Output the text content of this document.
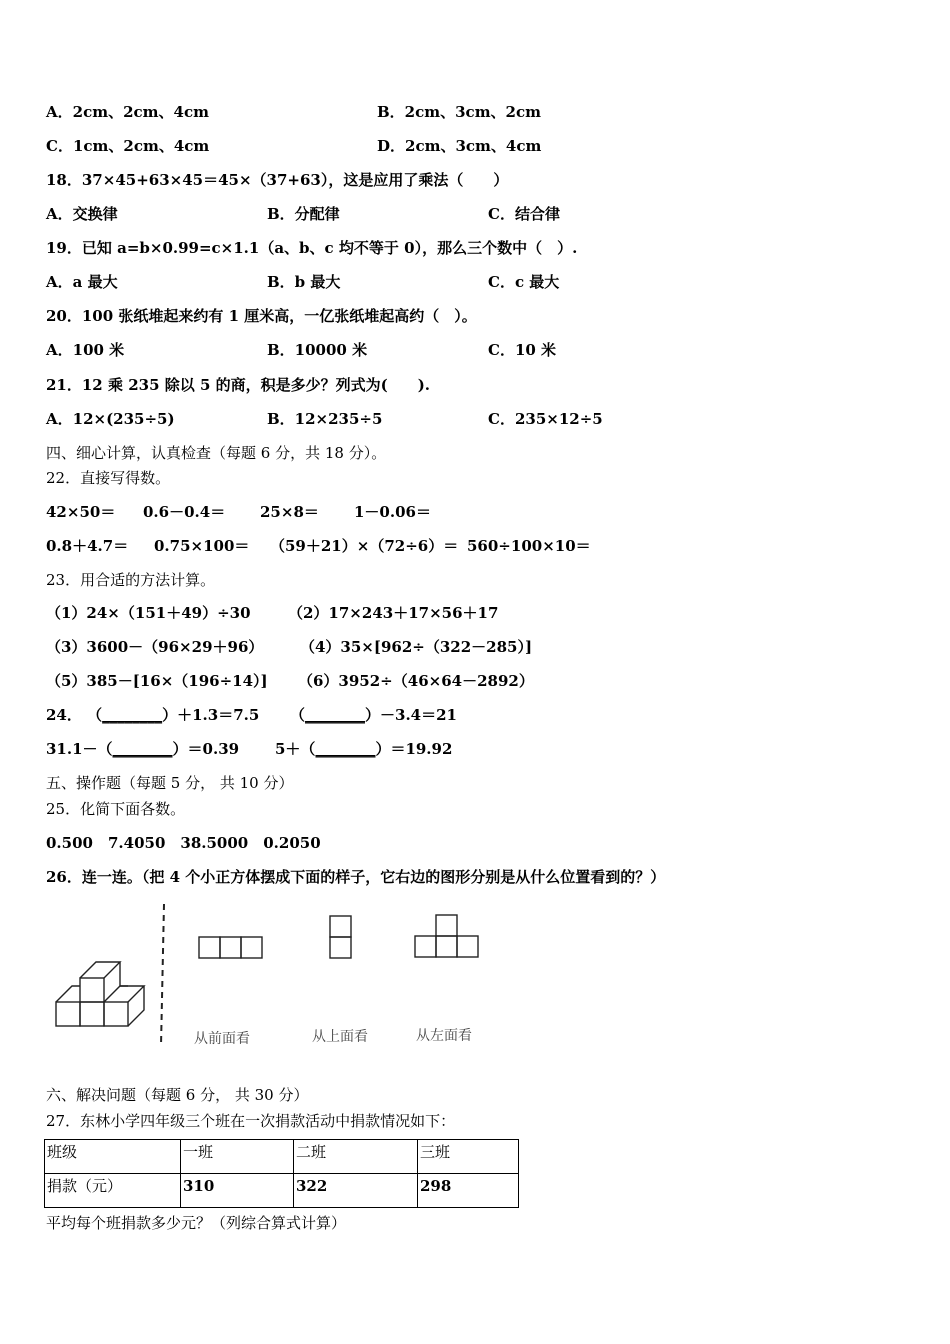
A．2cm、2cm、4cm	B．2cm、3cm、2cm
C．1cm、2cm、4cm	D．2cm、3cm、4cm
18．37×45+63×45＝45×（37+63），这是应用了乘法（　　）
A．交换律	B．分配律	C．结合律
19．已知 a=b×0.99=c×1.1（a、b、c 均不等于 0），那么三个数中（　）.
A．a 最大	B．b 最大	C．c 最大
20．100 张纸堆起来约有 1 厘米高，一亿张纸堆起高约（　）。
A．100 米	B．10000 米	C．10 米
21．12 乘 235 除以 5 的商，积是多少？列式为(　　).
A．12×(235÷5)	B．12×235÷5	C．235×12÷5
四、细心计算，认真检查（每题 6 分，共 18 分）。
22．直接写得数。
42×50＝ 0.6－0.4＝ 25×8＝ 1－0.06＝
0.8＋4.7＝ 0.75×100＝ （59＋21）×（72÷6）＝ 560÷100×10＝
23．用合适的方法计算。
（1）24×（151＋49）÷30 （2）17×243＋17×56＋17
（3）3600－（96×29＋96） （4）35×[962÷（322－285）]
（5）385－[16×（196÷14）] （6）3952÷（46×64－2892）
24． （________）＋1.3＝7.5 （________）－3.4＝21
31.1－（________）＝0.39 5＋（________）＝19.92
五、操作题（每题 5 分， 共 10 分）
25．化简下面各数。
0.500　7.4050　38.5000　0.2050
26．连一连。（把 4 个小正方体摆成下面的样子，它右边的图形分别是从什么位置看到的？）
从前面看	从上面看	从左面看
六、解决问题（每题 6 分， 共 30 分）
27．东林小学四年级三个班在一次捐款活动中捐款情况如下：
班级	一班	二班	三班
捐款（元）	310	322	298
平均每个班捐款多少元？（列综合算式计算）
